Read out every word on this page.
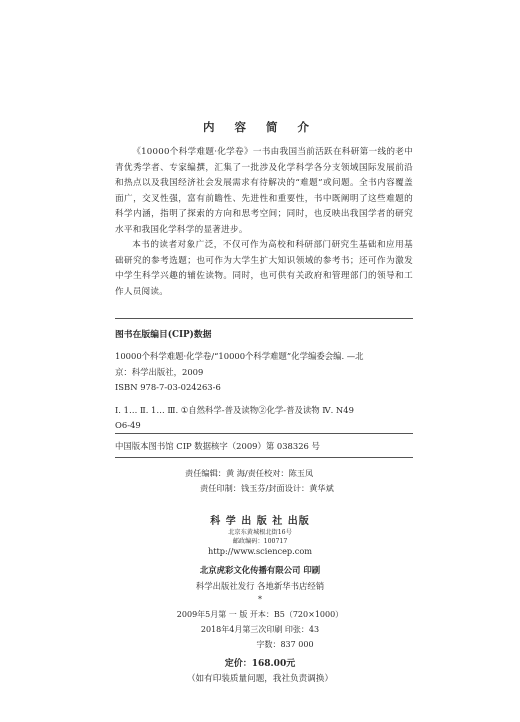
内 容 简 介

《10000个科学难题·化学卷》一书由我国当前活跃在科研第一线的老中青优秀学者、专家编撰，汇集了一批涉及化学科学各分支领域国际发展前沿和热点以及我国经济社会发展需求有待解决的“难题”或问题。全书内容覆盖面广，交叉性强，富有前瞻性、先进性和重要性，书中既阐明了这些难题的科学内涵，指明了探索的方向和思考空间；同时，也反映出我国学者的研究水平和我国化学科学的显著进步。

本书的读者对象广泛，不仅可作为高校和科研部门研究生基础和应用基础研究的参考选题；也可作为大学生扩大知识领域的参考书；还可作为激发中学生科学兴趣的辅佐读物。同时，也可供有关政府和管理部门的领导和工作人员阅读。

图书在版编目(CIP)数据
10000个科学难题·化学卷/“10000个科学难题”化学编委会编. —北
京：科学出版社，2009
ISBN 978-7-03-024263-6
Ⅰ. 1… Ⅱ. 1… Ⅲ. ①自然科学-普及读物②化学-普及读物 Ⅳ. N49
O6-49
中国版本图书馆 CIP 数据核字（2009）第 038326 号
责任编辑：黄 海/责任校对：陈玉凤
责任印制：钱玉芬/封面设计：黄华斌
科 学 出 版 社 出版
北京东黄城根北街16号
邮政编码：100717
http://www.sciencep.com
北京虎彩文化传播有限公司 印刷
科学出版社发行 各地新华书店经销
*
2009年5月第 一 版 开本：B5（720×1000）
2018年4月第三次印刷 印张：43
字数：837 000
定价：168.00元
（如有印装质量问题，我社负责调换）
